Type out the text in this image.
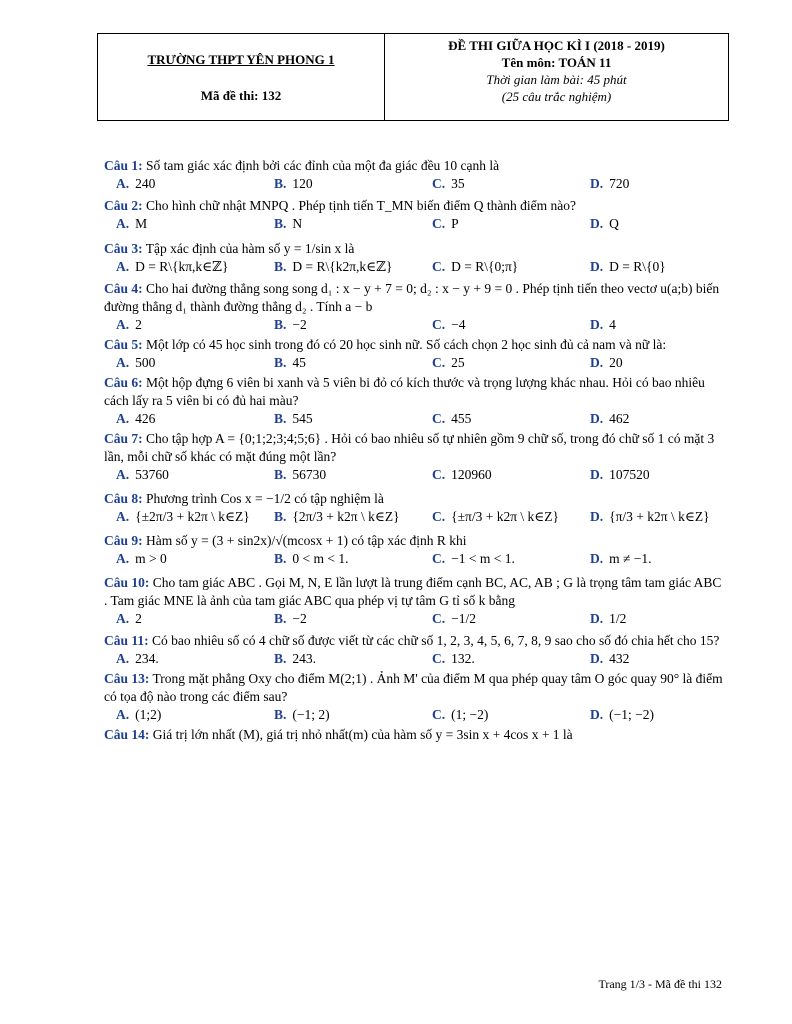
TRƯỜNG THPT YÊN PHONG 1
Mã đề thi: 132
ĐỀ THI GIỮA HỌC KÌ I (2018 - 2019)
Tên môn: TOÁN 11
Thời gian làm bài: 45 phút
(25 câu trắc nghiệm)

Câu 1: Số tam giác xác định bởi các đỉnh của một đa giác đều 10 cạnh là

A. 240	B. 120	C. 35	D. 720

Câu 2: Cho hình chữ nhật MNPQ . Phép tịnh tiến T_MN biến điểm Q thành điểm nào?

A. M	B. N	C. P	D. Q

Câu 3: Tập xác định của hàm số y = 1/sin x là

A. D = R\{kπ,k∈ℤ}	B. D = R\{k2π,k∈ℤ}	C. D = R\{0;π}	D. D = R\{0}

Câu 4: Cho hai đường thẳng song song d₁ : x − y + 7 = 0; d₂ : x − y + 9 = 0 . Phép tịnh tiến theo vectơ u(a;b) biến đường thẳng d₁ thành đường thẳng d₂ . Tính a − b

A. 2	B. −2	C. −4	D. 4

Câu 5: Một lớp có 45 học sinh trong đó có 20 học sinh nữ. Số cách chọn 2 học sinh đủ cả nam và nữ là:

A. 500	B. 45	C. 25	D. 20

Câu 6: Một hộp đựng 6 viên bi xanh và 5 viên bi đỏ có kích thước và trọng lượng khác nhau. Hỏi có bao nhiêu cách lấy ra 5 viên bi có đủ hai màu?

A. 426	B. 545	C. 455	D. 462

Câu 7: Cho tập hợp A = {0;1;2;3;4;5;6} . Hỏi có bao nhiêu số tự nhiên gồm 9 chữ số, trong đó chữ số 1 có mặt 3 lần, mỗi chữ số khác có mặt đúng một lần?

A. 53760	B. 56730	C. 120960	D. 107520

Câu 8: Phương trình Cos x = −1/2 có tập nghiệm là

A. {±2π/3 + k2π \ k∈Z} B. {2π/3 + k2π \ k∈Z} C. {±π/3 + k2π \ k∈Z} D. {π/3 + k2π \ k∈Z}

Câu 9: Hàm số y = (3 + sin2x)/√(mcosx + 1) có tập xác định R khi

A. m > 0	B. 0 < m < 1.	C. −1 < m < 1.	D. m ≠ −1.

Câu 10: Cho tam giác ABC . Gọi M, N, E lần lượt là trung điểm cạnh BC, AC, AB ; G là trọng tâm tam giác ABC . Tam giác MNE là ảnh của tam giác ABC qua phép vị tự tâm G tỉ số k bằng

A. 2	B. −2	C. −1/2	D. 1/2

Câu 11: Có bao nhiêu số có 4 chữ số được viết từ các chữ số 1, 2, 3, 4, 5, 6, 7, 8, 9 sao cho số đó chia hết cho 15?

A. 234.	B. 243.	C. 132.	D. 432

Câu 13: Trong mặt phẳng Oxy cho điểm M(2;1) . Ảnh M' của điểm M qua phép quay tâm O góc quay 90° là điểm có tọa độ nào trong các điểm sau?

A. (1;2)	B. (−1; 2)	C. (1; −2)	D. (−1; −2)

Câu 14: Giá trị lớn nhất (M), giá trị nhỏ nhất(m) của hàm số y = 3sin x + 4cos x + 1 là

Trang 1/3 - Mã đề thi 132
